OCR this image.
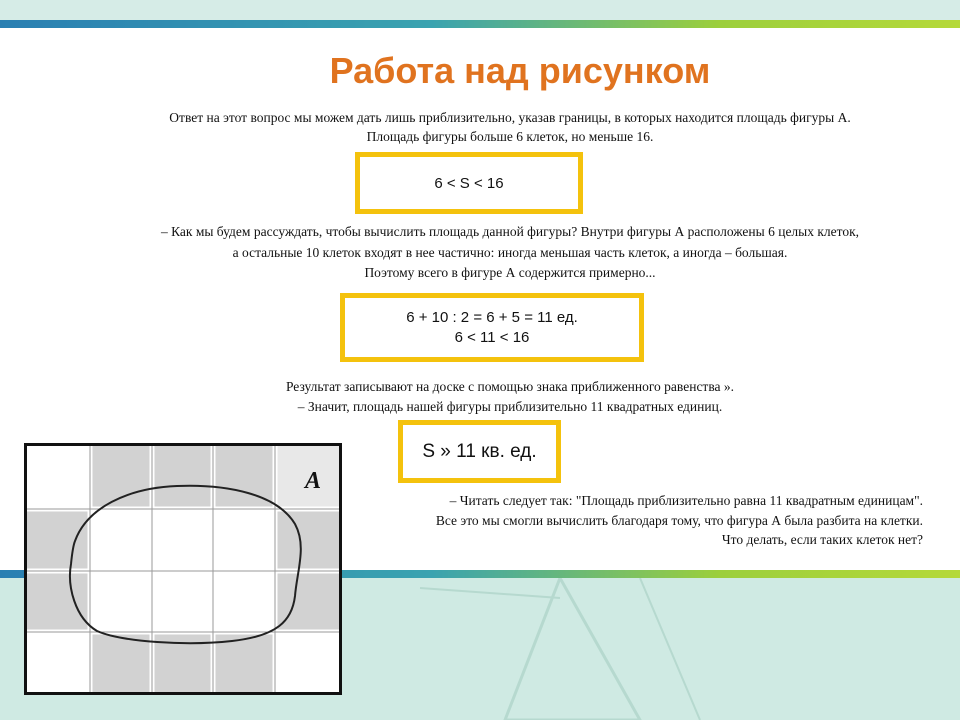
Работа над рисунком
Ответ на этот вопрос мы можем дать лишь приблизительно, указав границы, в которых находится площадь фигуры А.
Площадь фигуры больше 6 клеток, но меньше 16.
6 < S < 16
– Как мы будем рассуждать, чтобы вычислить площадь данной фигуры? Внутри фигуры А расположены 6 целых клеток,
а остальные 10 клеток входят в нее частично: иногда меньшая часть клеток, а иногда – большая.
Поэтому всего в фигуре А содержится примерно...
6 + 10 : 2 = 6 + 5 = 11 ед.
6 < 11 < 16
Результат записывают на доске с помощью знака приближенного равенства ».
– Значит, площадь нашей фигуры приблизительно 11 квадратных единиц.
S » 11 кв. ед.
– Читать следует так: "Площадь приблизительно равна 11 квадратным единицам".
Все это мы смогли вычислить благодаря тому, что фигура А была разбита на клетки.
Что делать, если таких клеток нет?
A
